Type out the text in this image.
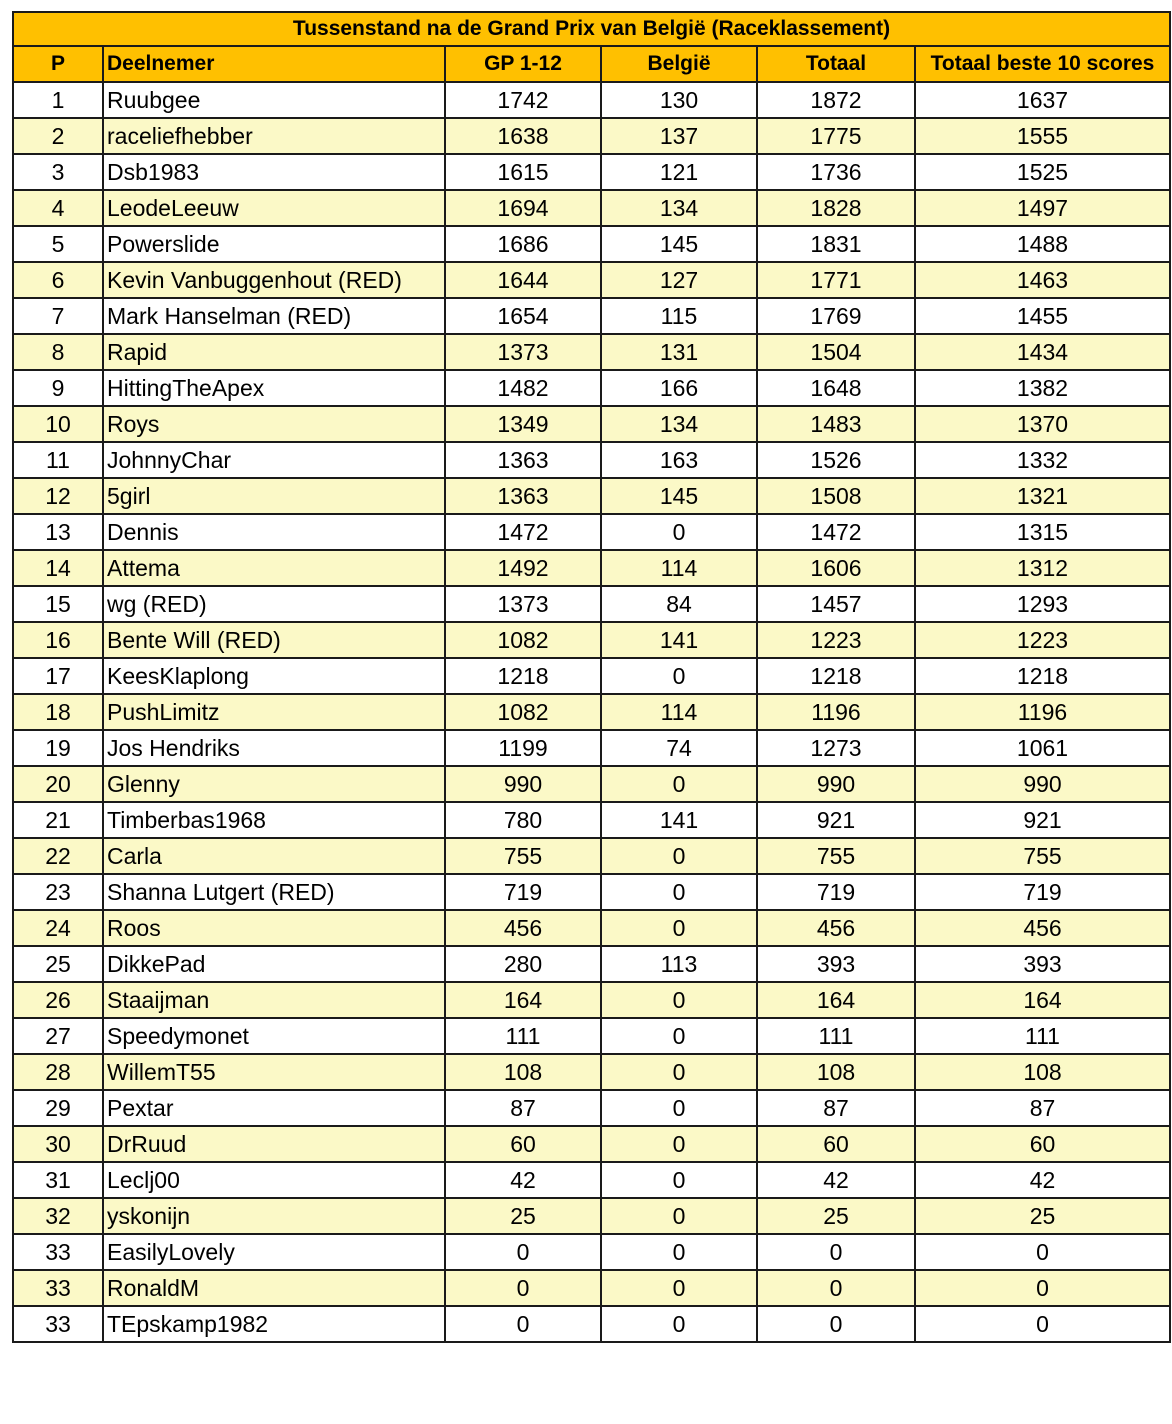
Tussenstand na de Grand Prix van België (Raceklassement)					
P	Deelnemer	GP 1-12	België	Totaal	Totaal beste 10 scores
1	Ruubgee	1742	130	1872	1637
2	raceliefhebber	1638	137	1775	1555
3	Dsb1983	1615	121	1736	1525
4	LeodeLeeuw	1694	134	1828	1497
5	Powerslide	1686	145	1831	1488
6	Kevin Vanbuggenhout (RED)	1644	127	1771	1463
7	Mark Hanselman (RED)	1654	115	1769	1455
8	Rapid	1373	131	1504	1434
9	HittingTheApex	1482	166	1648	1382
10	Roys	1349	134	1483	1370
11	JohnnyChar	1363	163	1526	1332
12	5girl	1363	145	1508	1321
13	Dennis	1472	0	1472	1315
14	Attema	1492	114	1606	1312
15	wg (RED)	1373	84	1457	1293
16	Bente Will (RED)	1082	141	1223	1223
17	KeesKlaplong	1218	0	1218	1218
18	PushLimitz	1082	114	1196	1196
19	Jos Hendriks	1199	74	1273	1061
20	Glenny	990	0	990	990
21	Timberbas1968	780	141	921	921
22	Carla	755	0	755	755
23	Shanna Lutgert (RED)	719	0	719	719
24	Roos	456	0	456	456
25	DikkePad	280	113	393	393
26	Staaijman	164	0	164	164
27	Speedymonet	111	0	111	111
28	WillemT55	108	0	108	108
29	Pextar	87	0	87	87
30	DrRuud	60	0	60	60
31	Leclj00	42	0	42	42
32	yskonijn	25	0	25	25
33	EasilyLovely	0	0	0	0
33	RonaldM	0	0	0	0
33	TEpskamp1982	0	0	0	0
